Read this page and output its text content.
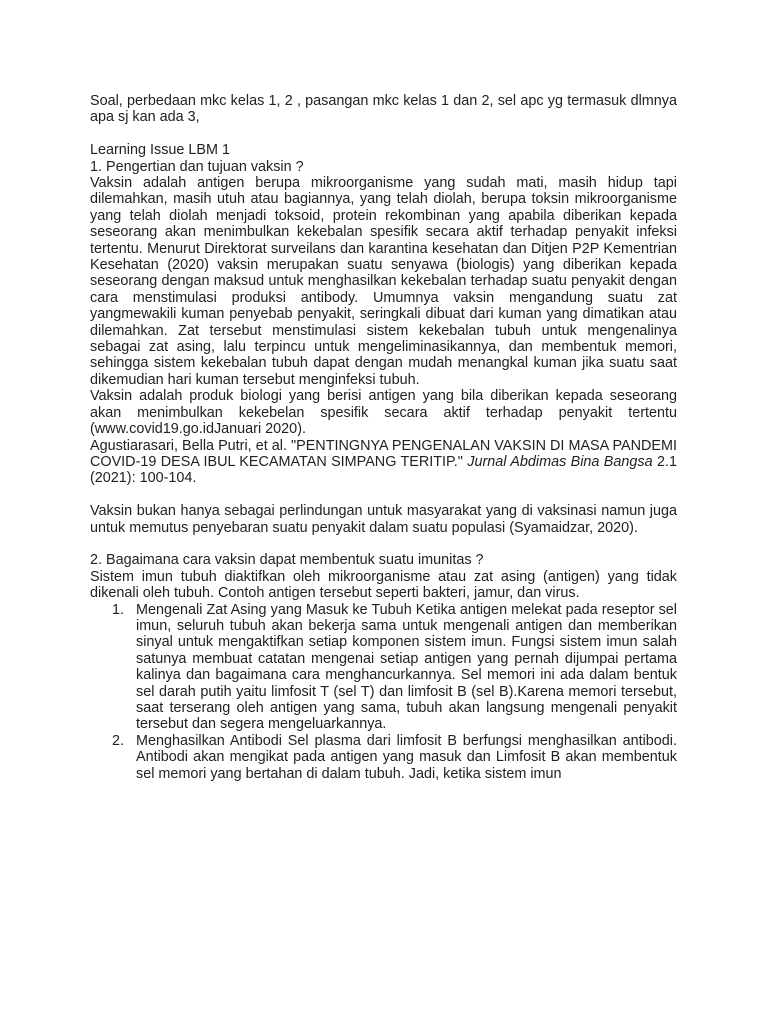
Soal, perbedaan mkc kelas 1, 2 , pasangan mkc kelas 1 dan 2, sel apc yg termasuk dlmnya apa sj kan ada 3,

Learning Issue LBM 1

1. Pengertian dan tujuan vaksin ?

Vaksin adalah antigen berupa mikroorganisme yang sudah mati, masih hidup tapi dilemahkan, masih utuh atau bagiannya, yang telah diolah, berupa toksin mikroorganisme yang telah diolah menjadi toksoid, protein rekombinan yang apabila diberikan kepada seseorang akan menimbulkan kekebalan spesifik secara aktif terhadap penyakit infeksi tertentu. Menurut Direktorat surveilans dan karantina kesehatan dan Ditjen P2P Kementrian Kesehatan (2020) vaksin merupakan suatu senyawa (biologis) yang diberikan kepada seseorang dengan maksud untuk menghasilkan kekebalan terhadap suatu penyakit dengan cara menstimulasi produksi antibody. Umumnya vaksin mengandung suatu zat yangmewakili kuman penyebab penyakit, seringkali dibuat dari kuman yang dimatikan atau dilemahkan. Zat tersebut menstimulasi sistem kekebalan tubuh untuk mengenalinya sebagai zat asing, lalu terpincu untuk mengeliminasikannya, dan membentuk memori, sehingga sistem kekebalan tubuh dapat dengan mudah menangkal kuman jika suatu saat dikemudian hari kuman tersebut menginfeksi tubuh.

Vaksin adalah produk biologi yang berisi antigen yang bila diberikan kepada seseorang akan menimbulkan kekebelan spesifik secara aktif terhadap penyakit tertentu (www.covid19.go.idJanuari 2020).

Agustiarasari, Bella Putri, et al. "PENTINGNYA PENGENALAN VAKSIN DI MASA PANDEMI COVID-19 DESA IBUL KECAMATAN SIMPANG TERITIP." Jurnal Abdimas Bina Bangsa 2.1 (2021): 100-104.

Vaksin bukan hanya sebagai perlindungan untuk masyarakat yang di vaksinasi namun juga untuk memutus penyebaran suatu penyakit dalam suatu populasi (Syamaidzar, 2020).

2. Bagaimana cara vaksin dapat membentuk suatu imunitas ?

Sistem imun tubuh diaktifkan oleh mikroorganisme atau zat asing (antigen) yang tidak dikenali oleh tubuh. Contoh antigen tersebut seperti bakteri, jamur, dan virus.

1. Mengenali Zat Asing yang Masuk ke Tubuh Ketika antigen melekat pada reseptor sel imun, seluruh tubuh akan bekerja sama untuk mengenali antigen dan memberikan sinyal untuk mengaktifkan setiap komponen sistem imun. Fungsi sistem imun salah satunya membuat catatan mengenai setiap antigen yang pernah dijumpai pertama kalinya dan bagaimana cara menghancurkannya. Sel memori ini ada dalam bentuk sel darah putih yaitu limfosit T (sel T) dan limfosit B (sel B).Karena memori tersebut, saat terserang oleh antigen yang sama, tubuh akan langsung mengenali penyakit tersebut dan segera mengeluarkannya.
2. Menghasilkan Antibodi Sel plasma dari limfosit B berfungsi menghasilkan antibodi. Antibodi akan mengikat pada antigen yang masuk dan Limfosit B akan membentuk sel memori yang bertahan di dalam tubuh. Jadi, ketika sistem imun
